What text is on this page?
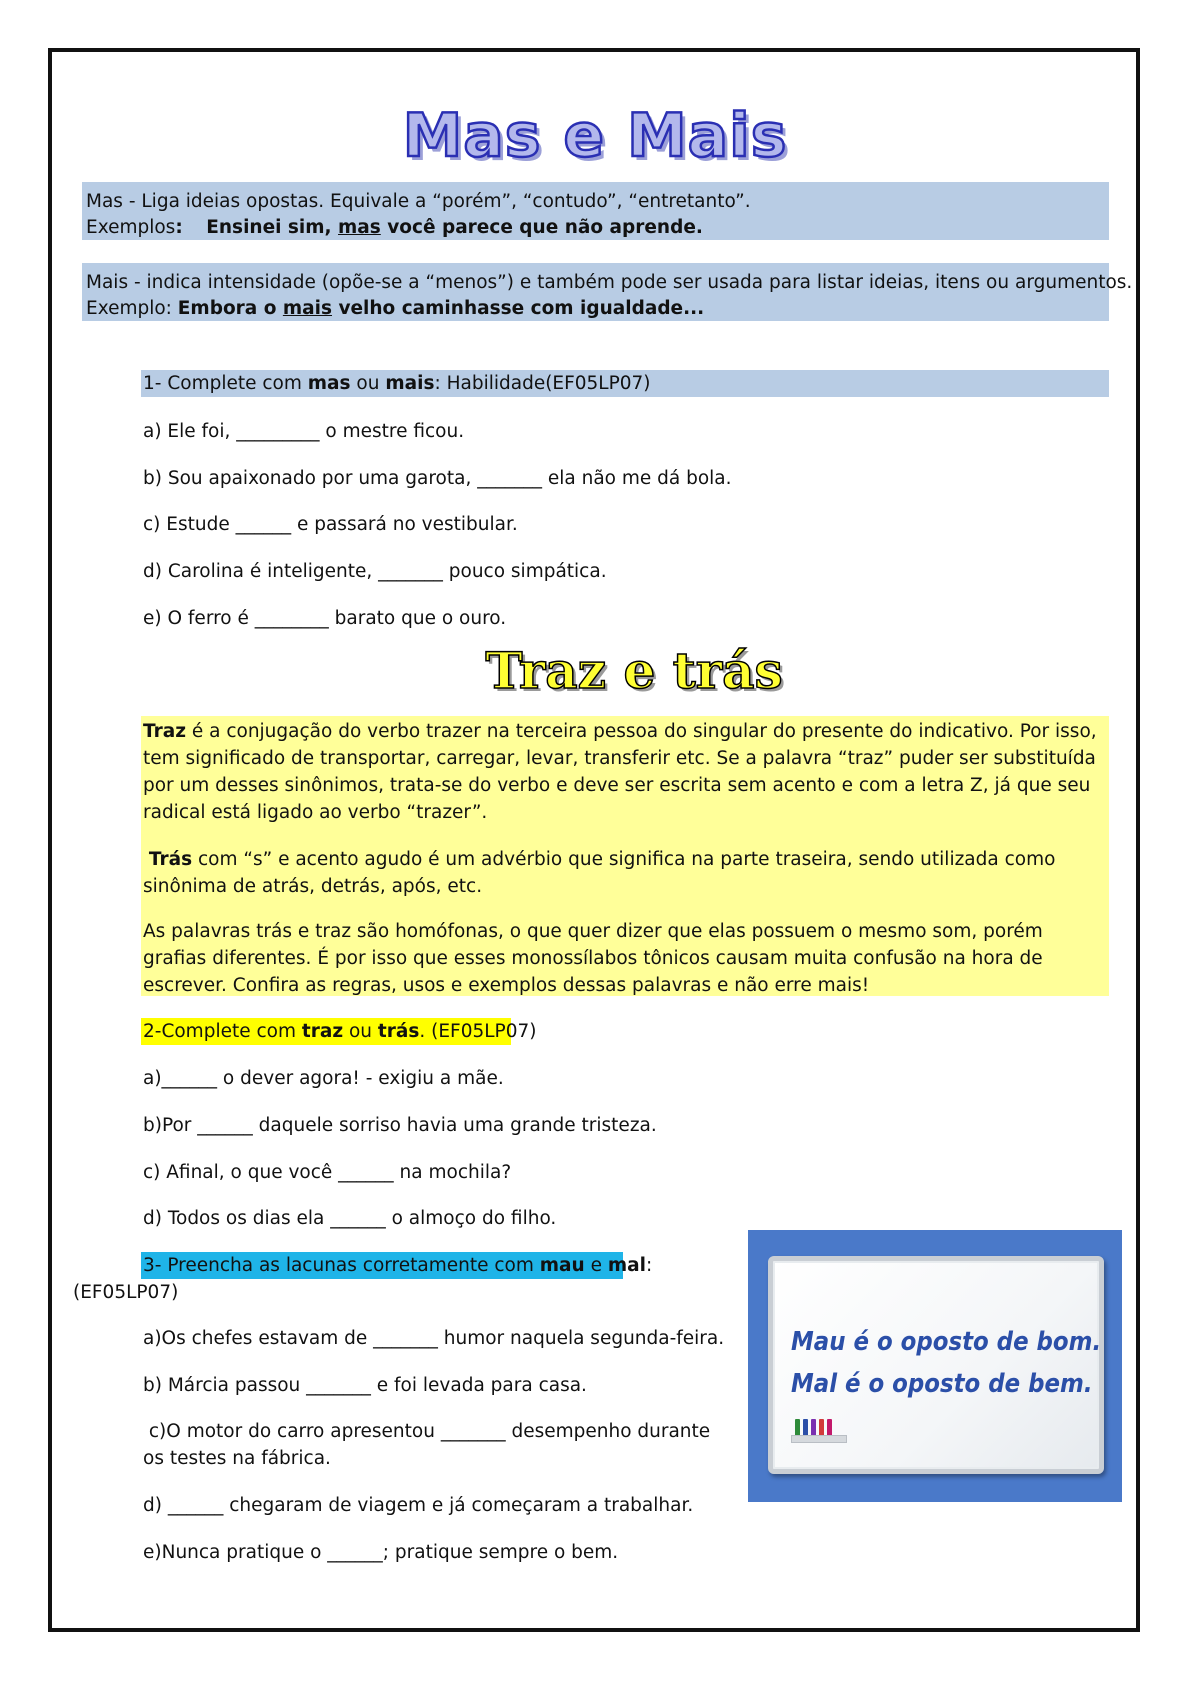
Mas e Mais
Mas - Liga ideias opostas. Equivale a “porém”, “contudo”, “entretanto”.
Exemplos: Ensinei sim, mas você parece que não aprende.
Mais - indica intensidade (opõe-se a “menos”) e também pode ser usada para listar ideias, itens ou argumentos.
Exemplo: Embora o mais velho caminhasse com igualdade...
1- Complete com mas ou mais: Habilidade(EF05LP07)
a) Ele foi, _________ o mestre ficou.
b) Sou apaixonado por uma garota, _______ ela não me dá bola.
c) Estude ______ e passará no vestibular.
d) Carolina é inteligente, _______ pouco simpática.
e) O ferro é ________ barato que o ouro.
Traz e trás
Traz é a conjugação do verbo trazer na terceira pessoa do singular do presente do indicativo. Por isso, tem significado de transportar, carregar, levar, transferir etc. Se a palavra “traz” puder ser substituída por um desses sinônimos, trata-se do verbo e deve ser escrita sem acento e com a letra Z, já que seu radical está ligado ao verbo “trazer”.
Trás com “s” e acento agudo é um advérbio que significa na parte traseira, sendo utilizada como sinônima de atrás, detrás, após, etc.
As palavras trás e traz são homófonas, o que quer dizer que elas possuem o mesmo som, porém grafias diferentes. É por isso que esses monossílabos tônicos causam muita confusão na hora de escrever. Confira as regras, usos e exemplos dessas palavras e não erre mais!
2-Complete com traz ou trás. (EF05LP07)
a)______ o dever agora! - exigiu a mãe.
b)Por ______ daquele sorriso havia uma grande tristeza.
c) Afinal, o que você ______ na mochila?
d) Todos os dias ela ______ o almoço do filho.
3- Preencha as lacunas corretamente com mau e mal:
(EF05LP07)
a)Os chefes estavam de _______ humor naquela segunda-feira.
b) Márcia passou _______ e foi levada para casa.
c)O motor do carro apresentou _______ desempenho durante
os testes na fábrica.
d) ______ chegaram de viagem e já começaram a trabalhar.
e)Nunca pratique o ______; pratique sempre o bem.
Mau é o oposto de bom.
Mal é o oposto de bem.
